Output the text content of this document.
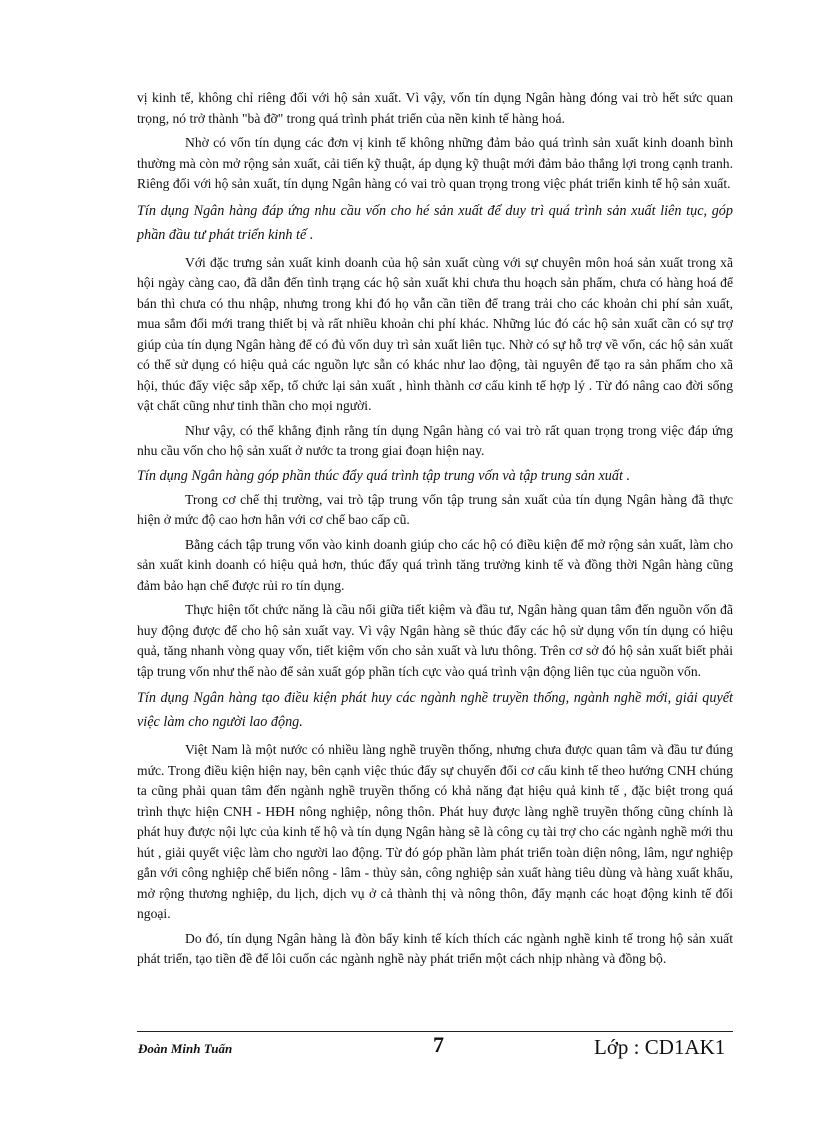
vị kinh tế, không chỉ riêng đối với hộ sản xuất. Vì vậy, vốn tín dụng Ngân hàng đóng vai trò hết sức quan trọng, nó trở thành "bà đỡ" trong quá trình phát triển của nền kinh tế hàng hoá.

Nhờ có vốn tín dụng các đơn vị kinh tế không những đảm bảo quá trình sản xuất kinh doanh bình thường mà còn mở rộng sản xuất, cải tiến kỹ thuật, áp dụng kỹ thuật mới đảm bảo thắng lợi trong cạnh tranh. Riêng đối với hộ sản xuất, tín dụng Ngân hàng có vai trò quan trọng trong việc phát triển kinh tế hộ sản xuất.

Tín dụng Ngân hàng đáp ứng nhu cầu vốn cho hé sản xuất để duy trì quá trình sản xuất liên tục, góp phần đầu tư phát triển kinh tế .

Với đặc trưng sản xuất kinh doanh của hộ sản xuất cùng với sự chuyên môn hoá sản xuất trong xã hội ngày càng cao, đã dẫn đến tình trạng các hộ sản xuất khi chưa thu hoạch sản phẩm, chưa có hàng hoá để bán thì chưa có thu nhập, nhưng trong khi đó họ vẫn cần tiền để trang trải cho các khoản chi phí sản xuất, mua sắm đổi mới trang thiết bị và rất nhiều khoản chi phí khác. Những lúc đó các hộ sản xuất cần có sự trợ giúp của tín dụng Ngân hàng để có đủ vốn duy trì sản xuất liên tục. Nhờ có sự hỗ trợ về vốn, các hộ sản xuất có thể sử dụng có hiệu quả các nguồn lực sẵn có khác như lao động, tài nguyên để tạo ra sản phẩm cho xã hội, thúc đẩy việc sắp xếp, tổ chức lại sản xuất , hình thành cơ cấu kinh tế hợp lý . Từ đó nâng cao đời sống vật chất cũng như tinh thần cho mọi người.

Như vậy, có thể khẳng định rằng tín dụng Ngân hàng có vai trò rất quan trọng trong việc đáp ứng nhu cầu vốn cho hộ sản xuất ở nước ta trong giai đoạn hiện nay.

Tín dụng Ngân hàng góp phần thúc đẩy quá trình tập trung vốn và tập trung sản xuất .

Trong cơ chế thị trường, vai trò tập trung vốn tập trung sản xuất của tín dụng Ngân hàng đã thực hiện ở mức độ cao hơn hẳn với cơ chế bao cấp cũ.

Bằng cách tập trung vốn vào kinh doanh giúp cho các hộ có điều kiện để mở rộng sản xuất, làm cho sản xuất kinh doanh có hiệu quả hơn, thúc đẩy quá trình tăng trưởng kinh tế và đồng thời Ngân hàng cũng đảm bảo hạn chế được rủi ro tín dụng.

Thực hiện tốt chức năng là cầu nối giữa tiết kiệm và đầu tư, Ngân hàng quan tâm đến nguồn vốn đã huy động được để cho hộ sản xuất vay. Vì vậy Ngân hàng sẽ thúc đẩy các hộ sử dụng vốn tín dụng có hiệu quả, tăng nhanh vòng quay vốn, tiết kiệm vốn cho sản xuất và lưu thông. Trên cơ sở đó hộ sản xuất biết phải tập trung vốn như thế nào để sản xuất góp phần tích cực vào quá trình vận động liên tục của nguồn vốn.

Tín dụng Ngân hàng tạo điều kiện phát huy các ngành nghề truyền thống, ngành nghề mới, giải quyết việc làm cho người lao động.

Việt Nam là một nước có nhiều làng nghề truyền thống, nhưng chưa được quan tâm và đầu tư đúng mức. Trong điều kiện hiện nay, bên cạnh việc thúc đẩy sự chuyển đổi cơ cấu kinh tế theo hướng CNH chúng ta cũng phải quan tâm đến ngành nghề truyền thống có khả năng đạt hiệu quả kinh tế , đặc biệt trong quá trình thực hiện CNH - HĐH nông nghiệp, nông thôn. Phát huy được làng nghề truyền thống cũng chính là phát huy được nội lực của kinh tế hộ và tín dụng Ngân hàng sẽ là công cụ tài trợ cho các ngành nghề mới thu hút , giải quyết việc làm cho người lao động. Từ đó góp phần làm phát triển toàn diện nông, lâm, ngư nghiệp gắn với công nghiệp chế biến nông - lâm - thủy sản, công nghiệp sản xuất hàng tiêu dùng và hàng xuất khẩu, mở rộng thương nghiệp, du lịch, dịch vụ ở cả thành thị và nông thôn, đẩy mạnh các hoạt động kinh tế đối ngoại.

Do đó, tín dụng Ngân hàng là đòn bẩy kinh tế kích thích các ngành nghề kinh tế trong hộ sản xuất phát triển, tạo tiền đề để lôi cuốn các ngành nghề này phát triển một cách nhịp nhàng và đồng bộ.

Đoàn Minh Tuấn	7	Lớp : CD1AK1
